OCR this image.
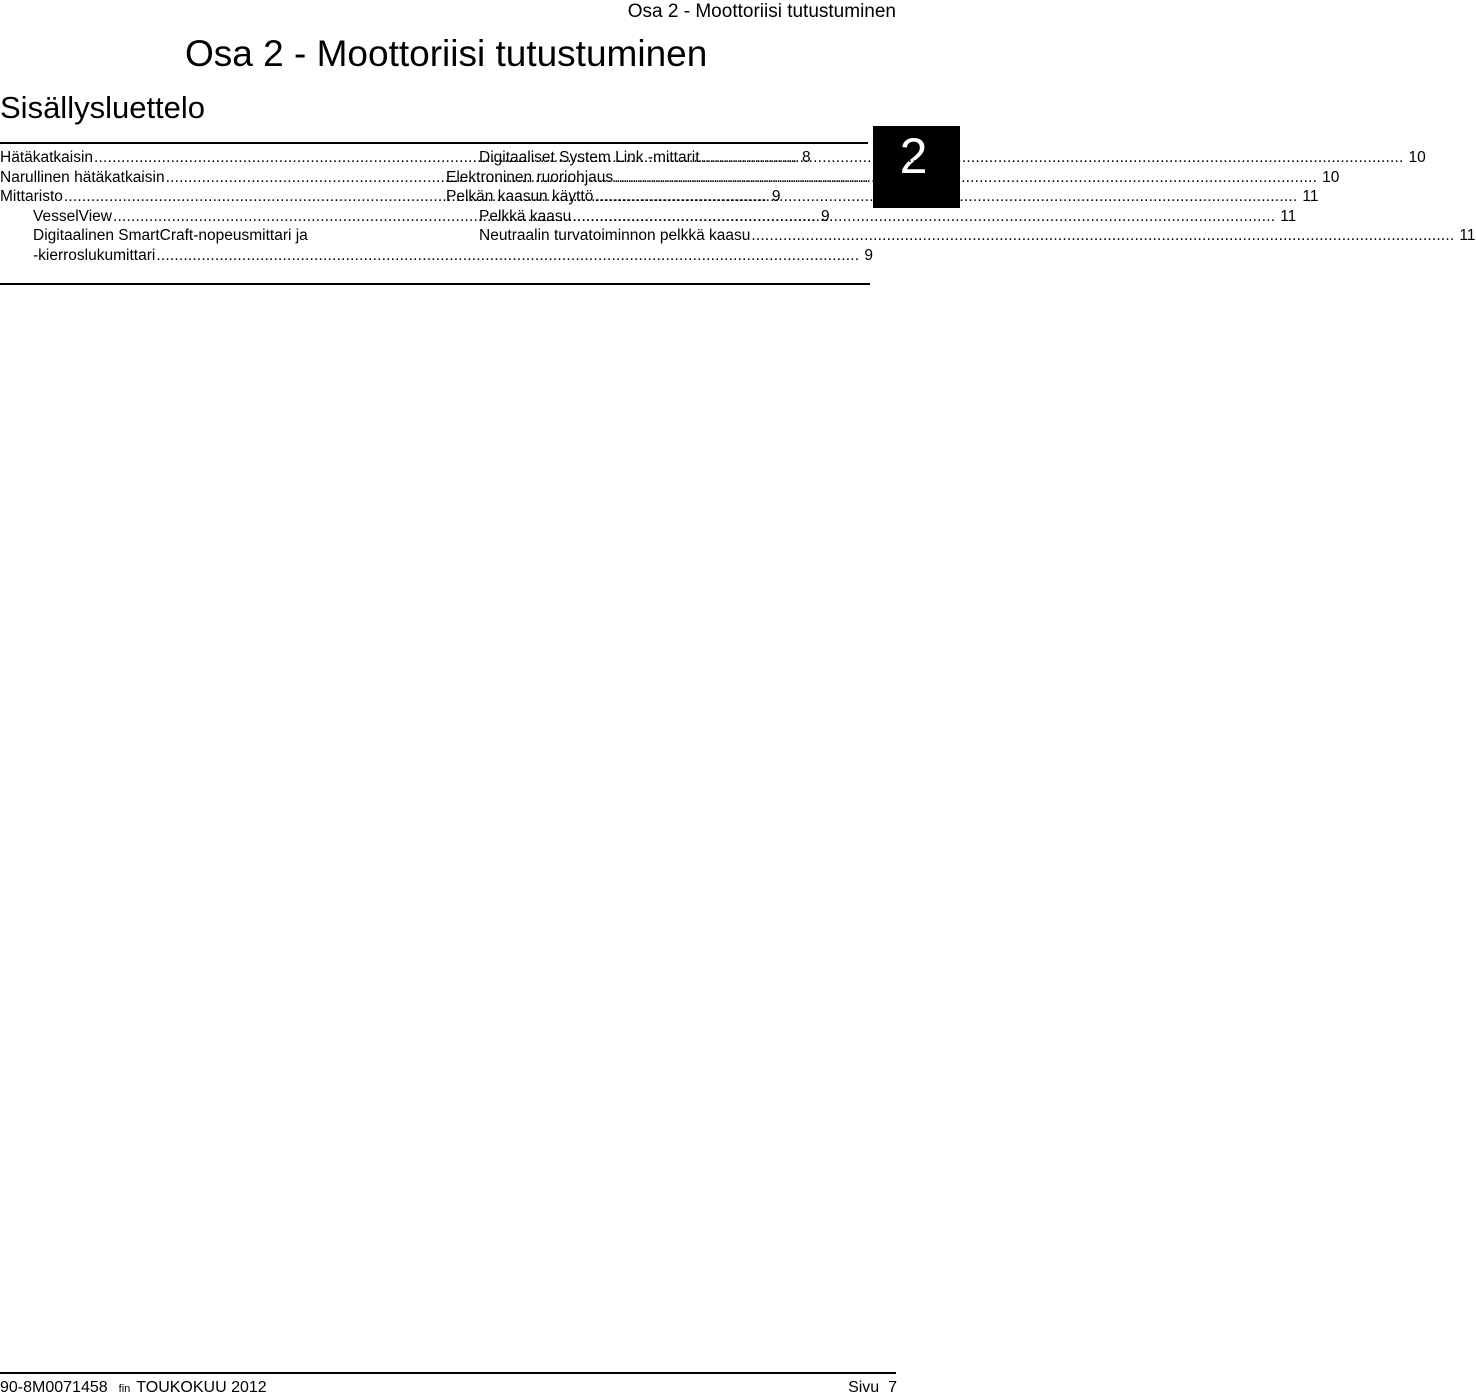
Osa 2 - Moottoriisi tutustuminen
Osa 2 - Moottoriisi tutustuminen
Sisällysluettelo
2
Hätäkatkaisin .....	8
Narullinen hätäkatkaisin .....	8
Mittaristo .....	9
VesselView .....	9
Digitaalinen SmartCraft-nopeusmittari ja
-kierroslukumittari .....	9
Digitaaliset System Link -mittarit .....	10
Elektroninen ruoriohjaus .....	10
Pelkän kaasun käyttö .....	11
Pelkkä kaasu .....	11
Neutraalin turvatoiminnon pelkkä kaasu .....	11
90-8M0071458 fin TOUKOKUU 2012	Sivu 7
